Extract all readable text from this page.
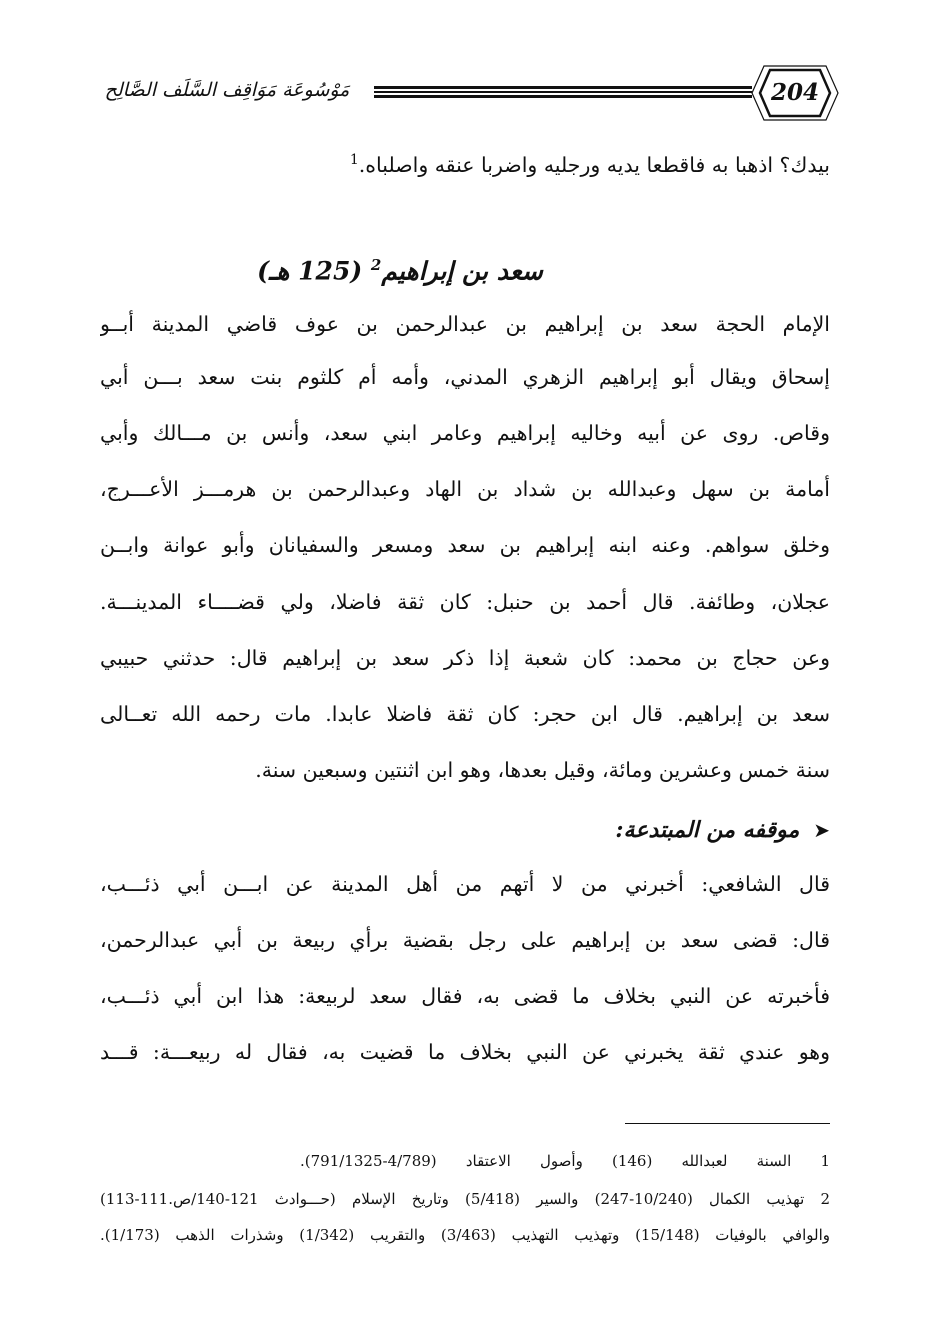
مَوْسُوعَة مَوَاقِف السَّلَف الصَّالِح	204
بيدك؟ اذهبا به فاقطعا يديه ورجليه واضربا عنقه واصلباه.$^1$
سعد بن إبراهيم$^2$ (125 هـ)
الإمام الحجة سعد بن إبراهيم بن عبدالرحمن بن عوف قاضي المدينة أبــو
إسحاق ويقال أبو إبراهيم الزهري المدني، وأمه أم كلثوم بنت سعد بـــن أبي
وقاص. روى عن أبيه وخاليه إبراهيم وعامر ابني سعد، وأنس بن مـــالك وأبي
أمامة بن سهل وعبدالله بن شداد بن الهاد وعبدالرحمن بن هرمـــز الأعـــرج،
وخلق سواهم. وعنه ابنه إبراهيم بن سعد ومسعر والسفيانان وأبو عوانة وابــن
عجلان، وطائفة. قال أحمد بن حنبل: كان ثقة فاضلا، ولي قضــــاء المدينـــة.
وعن حجاج بن محمد: كان شعبة إذا ذكر سعد بن إبراهيم قال: حدثني حبيبي
سعد بن إبراهيم. قال ابن حجر: كان ثقة فاضلا عابدا. مات رحمه الله تعــالى
سنة خمس وعشرين ومائة، وقيل بعدها، وهو ابن اثنتين وسبعين سنة.
➤موقفه من المبتدعة:
قال الشافعي: أخبرني من لا أتهم من أهل المدينة عن ابـــن أبي ذئـــب،
قال: قضى سعد بن إبراهيم على رجل بقضية برأي ربيعة بن أبي عبدالرحمن،
فأخبرته عن النبي بخلاف ما قضى به، فقال سعد لربيعة: هذا ابن أبي ذئـــب،
وهو عندي ثقة يخبرني عن النبي بخلاف ما قضيت به، فقال له ربيعـــة: قـــد
1 السنة لعبدالله (146) وأصول الاعتقاد (4/789-791/1325).
2 تهذيب الكمال (10/240-247) والسير (5/418) وتاريخ الإسلام (حـــوادث 121-140/ص.111-113)
والوافي بالوفيات (15/148) وتهذيب التهذيب (3/463) والتقريب (1/342) وشذرات الذهب (1/173).
